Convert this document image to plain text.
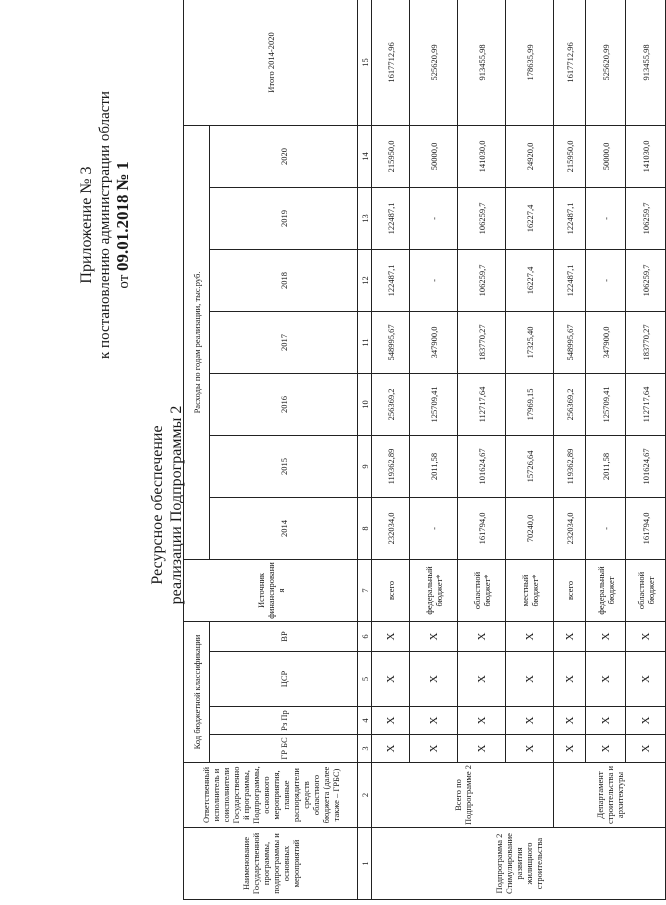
Приложение № 3 к постановлению администрации области от 09.01.2018 № 1
Ресурсное обеспечение реализации Подпрограммы 2
Наименование Государственной программы, подпрограммы и основных мероприятий	Ответственный исполнитель и соисполнители Государственной программы, Подпрограммы, основного мероприятия, главные распорядители средств областного бюджета (далее также – ГРБС)	Код бюджетной классификации				Источник финансирования	Расходы по годам реализации, тыс.руб.							Итого 2014-2020
		ГР БС	Рз Пр	ЦСР	ВР		2014	2015	2016	2017	2018	2019	2020	
1	2	3	4	5	6	7	8	9	10	11	12	13	14	15
Подпрограмма 2 Стимулирование развития жилищного строительства	Всего по Подпрограмме 2	Х	Х	Х	Х	всего	232034,0	119362,89	256369,2	548995,67	122487,1	122487,1	215950,0	1617712,96
		Х	Х	Х	Х	федеральный бюджет*	-	2011,58	125709,41	347900,0	-	-	50000,0	525620,99
		Х	Х	Х	Х	областной бюджет*	161794,0	101624,67	112717,64	183770,27	106259,7	106259,7	141030,0	913455,98
		Х	Х	Х	Х	местный бюджет*	70240,0	15726,64	17969,15	17325,40	16227,4	16227,4	24920,0	178635,99
	Департамент строительства и архитектуры	Х	Х	Х	Х	всего	232034,0	119362,89	256369,2	548995,67	122487,1	122487,1	215950,0	1617712,96
		Х	Х	Х	Х	федеральный бюджет	-	2011,58	125709,41	347900,0	-	-	50000,0	525620,99
		Х	Х	Х	Х	областной бюджет	161794,0	101624,67	112717,64	183770,27	106259,7	106259,7	141030,0	913455,98
